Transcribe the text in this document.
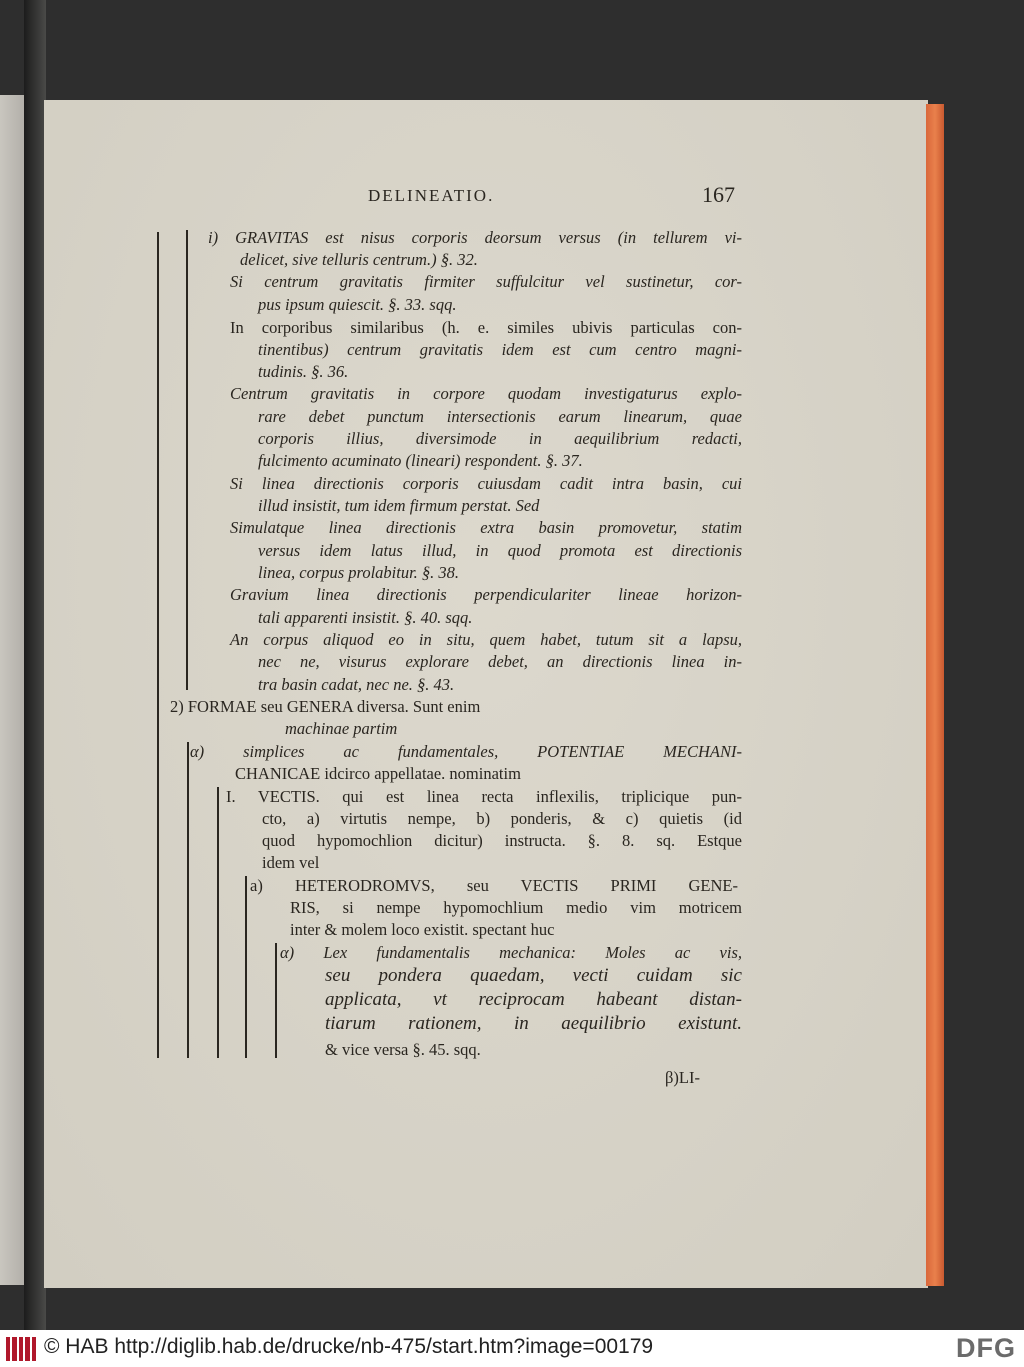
DELINEATIO.	167
i) GRAVITAS est nisus corporis deorsum versus (in tellurem vi-
delicet, sive telluris centrum.) §. 32.
Si centrum gravitatis firmiter suffulcitur vel sustinetur, cor-
pus ipsum quiescit. §. 33. sqq.
In corporibus similaribus (h. e. similes ubivis particulas con-
tinentibus) centrum gravitatis idem est cum centro magni-
tudinis. §. 36.
Centrum gravitatis in corpore quodam investigaturus explo-
rare debet punctum intersectionis earum linearum, quae
corporis illius, diversimode in aequilibrium redacti,
fulcimento acuminato (lineari) respondent. §. 37.
Si linea directionis corporis cuiusdam cadit intra basin, cui
illud insistit, tum idem firmum perstat. Sed
Simulatque linea directionis extra basin promovetur, statim
versus idem latus illud, in quod promota est directionis
linea, corpus prolabitur. §. 38.
Gravium linea directionis perpendiculariter lineae horizon-
tali apparenti insistit. §. 40. sqq.
An corpus aliquod eo in situ, quem habet, tutum sit a lapsu,
nec ne, visurus explorare debet, an directionis linea in-
tra basin cadat, nec ne. §. 43.
2) FORMAE seu GENERA diversa. Sunt enim
machinae partim
α) simplices ac fundamentales, POTENTIAE MECHANI-
CHANICAE idcirco appellatae. nominatim
I. VECTIS. qui est linea recta inflexilis, triplicique pun-
cto, a) virtutis nempe, b) ponderis, & c) quietis (id
quod hypomochlion dicitur) instructa. §. 8. sq. Estque
idem vel
a) HETERODROMVS, seu VECTIS PRIMI GENE-
RIS, si nempe hypomochlium medio vim motricem
inter & molem loco existit. spectant huc
α) Lex fundamentalis mechanica: Moles ac vis,
seu pondera quaedam, vecti cuidam sic
applicata, vt reciprocam habeant distan-
tiarum rationem, in aequilibrio existunt.
& vice versa §. 45. sqq.
β)LI-
© HAB http://diglib.hab.de/drucke/nb-475/start.htm?image=00179	DFG
